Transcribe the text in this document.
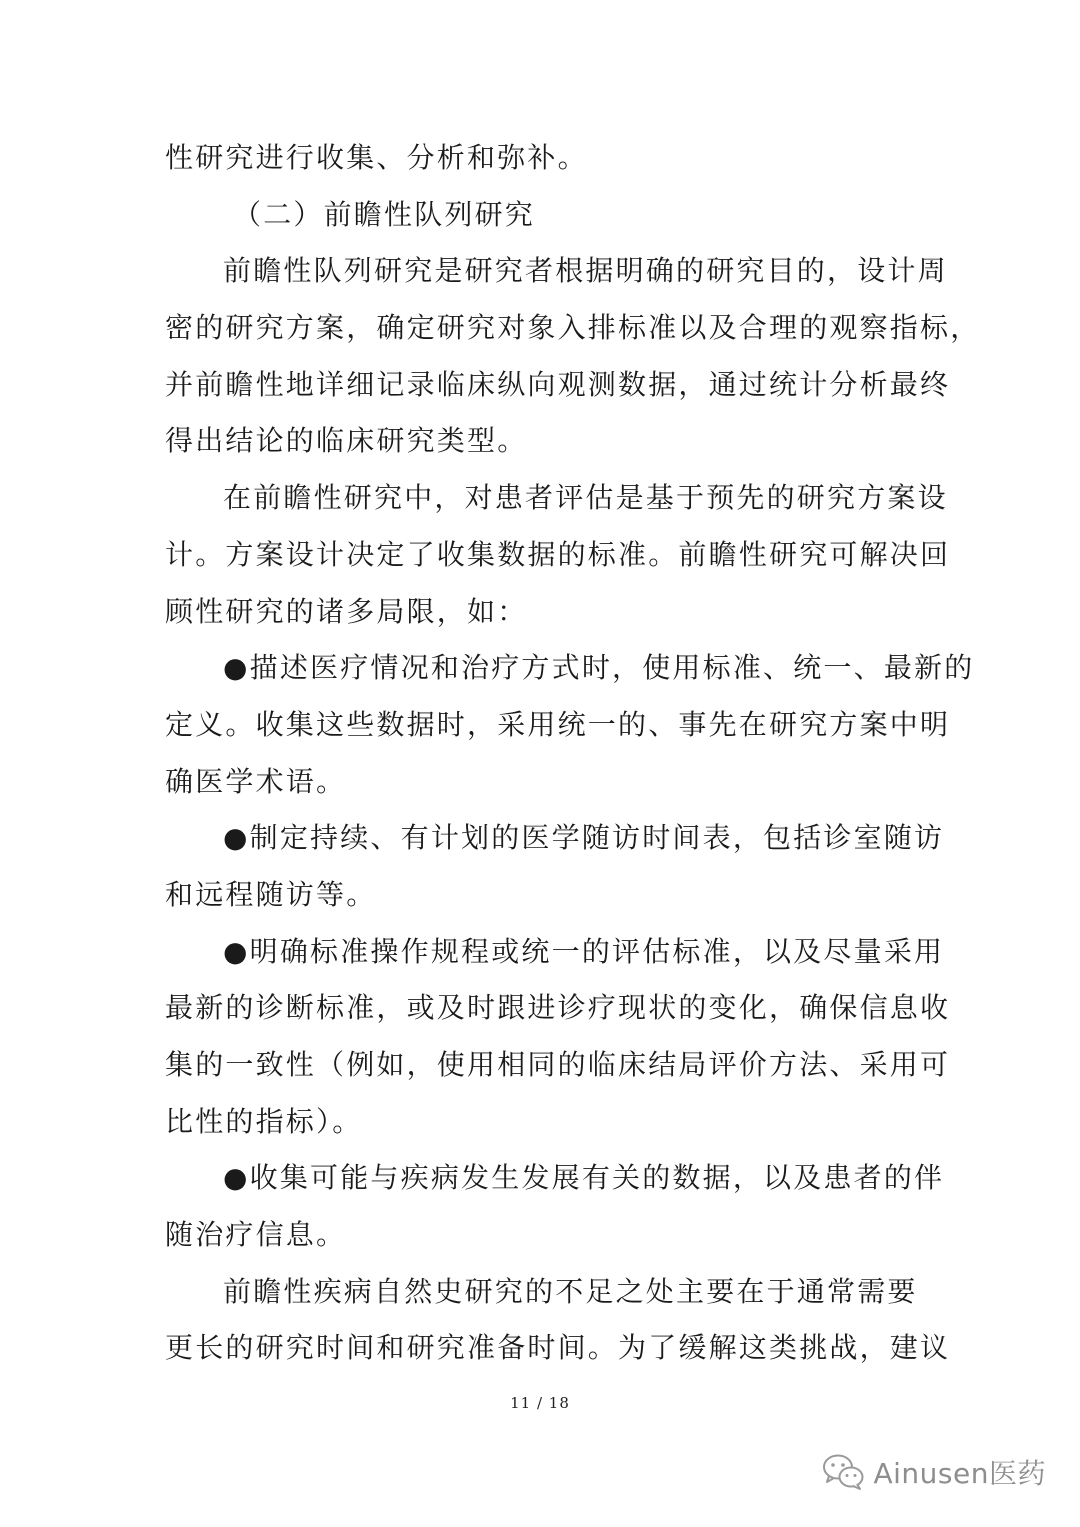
性研究进行收集、分析和弥补。
（二）前瞻性队列研究
前瞻性队列研究是研究者根据明确的研究目的，设计周
密的研究方案，确定研究对象入排标准以及合理的观察指标，
并前瞻性地详细记录临床纵向观测数据，通过统计分析最终
得出结论的临床研究类型。
在前瞻性研究中，对患者评估是基于预先的研究方案设
计。方案设计决定了收集数据的标准。前瞻性研究可解决回
顾性研究的诸多局限，如：
●描述医疗情况和治疗方式时，使用标准、统一、最新的
定义。收集这些数据时，采用统一的、事先在研究方案中明
确医学术语。
●制定持续、有计划的医学随访时间表，包括诊室随访
和远程随访等。
●明确标准操作规程或统一的评估标准，以及尽量采用
最新的诊断标准，或及时跟进诊疗现状的变化，确保信息收
集的一致性（例如，使用相同的临床结局评价方法、采用可
比性的指标）。
●收集可能与疾病发生发展有关的数据，以及患者的伴
随治疗信息。
前瞻性疾病自然史研究的不足之处主要在于通常需要
更长的研究时间和研究准备时间。为了缓解这类挑战，建议
11 / 18
Ainusen医药
